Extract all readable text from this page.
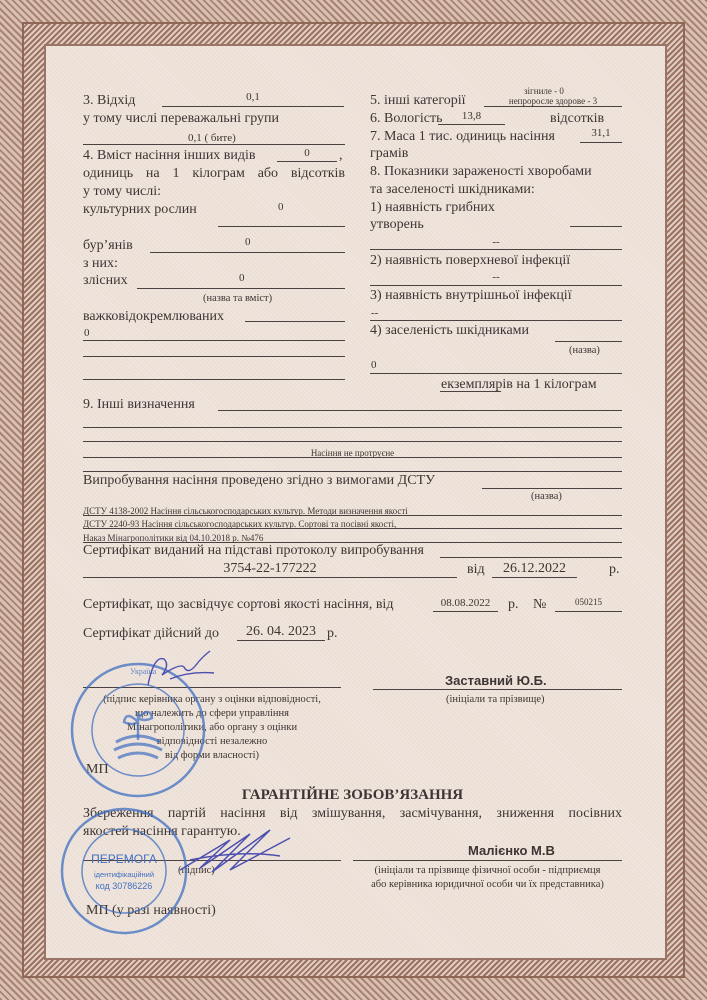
3. Відхід	0,1
у тому числі переважальні групи
0,1 ( бите)
4. Вміст насіння інших видів	0	,
одиниць на 1 кілограм або відсотків
у тому числі:
культурних рослин	0
бур’янів	0
з них:
злісних	0
(назва та вміст)
важковідокремлюваних
0
зігниле - 0
5. інші категорії	непроросле здорове - 3
6. Вологість	13,8	відсотків
7. Маса 1 тис. одиниць насіння	31,1
грамів
8. Показники зараженості хворобами
та заселеності шкідниками:
1) наявність грибних
утворень
--
2) наявність поверхневої інфекції
--
3) наявність внутрішньої інфекції
--
4) заселеність шкідниками
(назва)
0
екземплярів на 1 кілограм
9. Інші визначення
Насіння не протруєне
Випробування насіння проведено згідно з вимогами ДСТУ
(назва)
ДСТУ 4138-2002 Насіння сільськогосподарських культур. Методи визначення якості
ДСТУ 2240-93 Насіння сільськогосподарських культур. Сортові та посівні якості,
Наказ Мінагрополітики від 04.10.2018 р. №476
Сертифікат виданий на підставі протоколу випробування
3754-22-177222	від	26.12.2022	р.
Сертифікат, що засвідчує сортові якості насіння, від	08.08.2022	р. №	050215
Сертифікат дійсний до	26. 04. 2023 р.
Заставний Ю.Б.
(ініціали та прізвище)
(підпис керівника органу з оцінки відповідності,
що належить до сфери управління
Мінагрополітики, або органу з оцінки
відповідності незалежно
від форми власності)
МП
ГАРАНТІЙНЕ ЗОБОВ’ЯЗАННЯ
Збереження партій насіння від змішування, засмічування, зниження посівних
якостей насіння гарантую.
Малієнко М.В
(підпис)	(ініціали та прізвище фізичної особи - підприємця
або керівника юридичної особи чи їх представника)
МП (у разі наявності)
Україна
ПЕРЕМОГА
ідентифікаційний
код 30786226
